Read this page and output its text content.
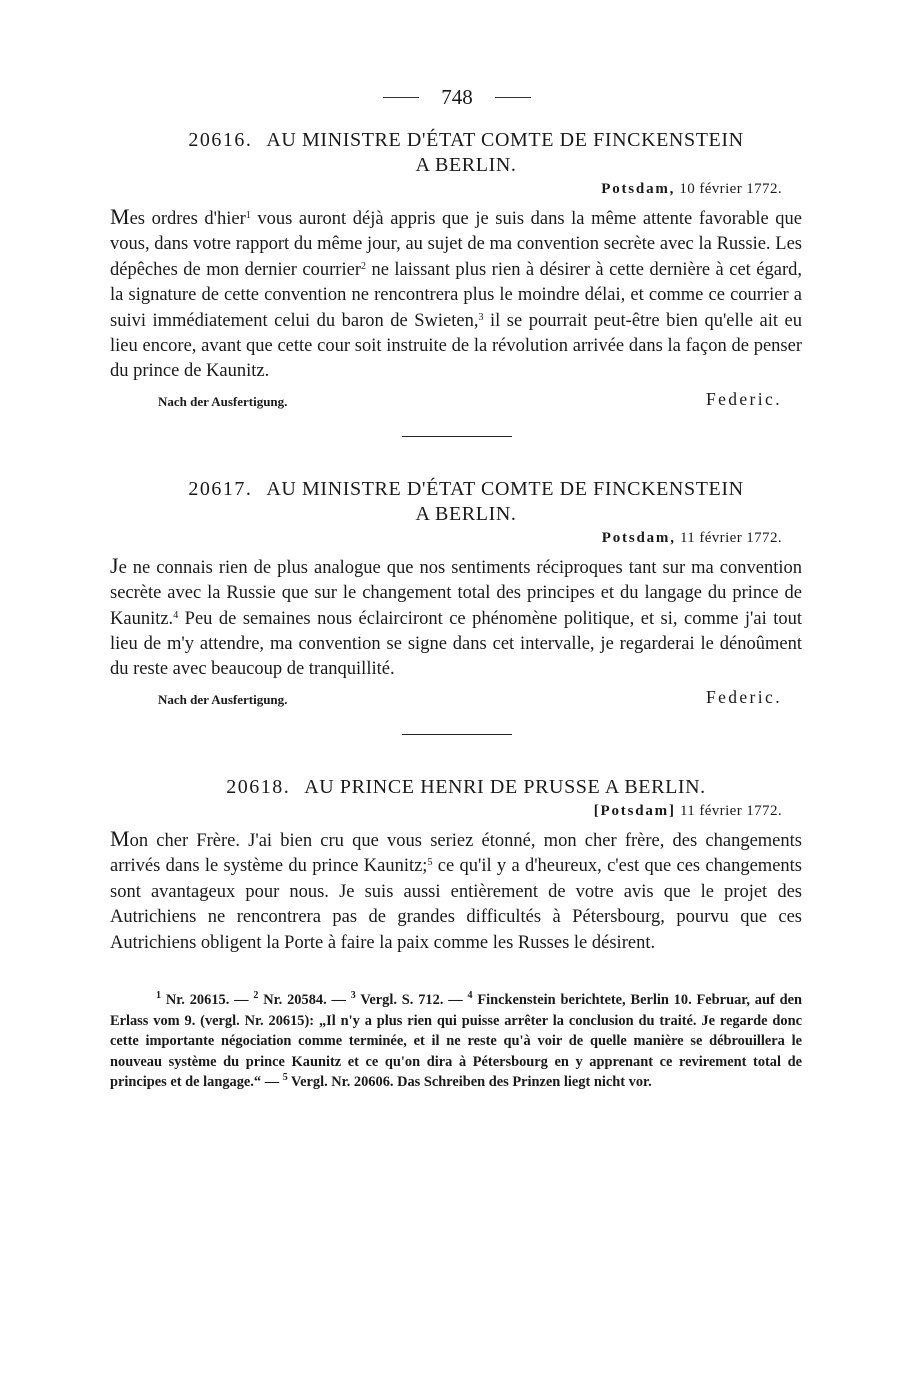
748
20616. AU MINISTRE D'ÉTAT COMTE DE FINCKENSTEIN
A BERLIN.
Potsdam, 10 février 1772.

Mes ordres d'hier$^1$ vous auront déjà appris que je suis dans la même attente favorable que vous, dans votre rapport du même jour, au sujet de ma convention secrète avec la Russie. Les dépêches de mon dernier courrier$^2$ ne laissant plus rien à désirer à cette dernière à cet égard, la signature de cette convention ne rencontrera plus le moindre délai, et comme ce courrier a suivi immédiatement celui du baron de Swieten,$^3$ il se pourrait peut-être bien qu'elle ait eu lieu encore, avant que cette cour soit instruite de la révolution arrivée dans la façon de penser du prince de Kaunitz.

Nach der Ausfertigung.	Federic.
20617. AU MINISTRE D'ÉTAT COMTE DE FINCKENSTEIN
A BERLIN.
Potsdam, 11 février 1772.

Je ne connais rien de plus analogue que nos sentiments réciproques tant sur ma convention secrète avec la Russie que sur le changement total des principes et du langage du prince de Kaunitz.$^4$ Peu de semaines nous éclairciront ce phénomène politique, et si, comme j'ai tout lieu de m'y attendre, ma convention se signe dans cet intervalle, je regarderai le dénoûment du reste avec beaucoup de tranquillité.

Nach der Ausfertigung.	Federic.
20618. AU PRINCE HENRI DE PRUSSE A BERLIN.
[Potsdam] 11 février 1772.

Mon cher Frère. J'ai bien cru que vous seriez étonné, mon cher frère, des changements arrivés dans le système du prince Kaunitz;$^5$ ce qu'il y a d'heureux, c'est que ces changements sont avantageux pour nous. Je suis aussi entièrement de votre avis que le projet des Autrichiens ne rencontrera pas de grandes difficultés à Pétersbourg, pourvu que ces Autrichiens obligent la Porte à faire la paix comme les Russes le désirent.

$^1$ Nr. 20615. — $^2$ Nr. 20584. — $^3$ Vergl. S. 712. — $^4$ Finckenstein berichtete, Berlin 10. Februar, auf den Erlass vom 9. (vergl. Nr. 20615): „Il n'y a plus rien qui puisse arrêter la conclusion du traité. Je regarde donc cette importante négociation comme terminée, et il ne reste qu'à voir de quelle manière se débrouillera le nouveau système du prince Kaunitz et ce qu'on dira à Pétersbourg en y apprenant ce revirement total de principes et de langage.“ — $^5$ Vergl. Nr. 20606. Das Schreiben des Prinzen liegt nicht vor.
